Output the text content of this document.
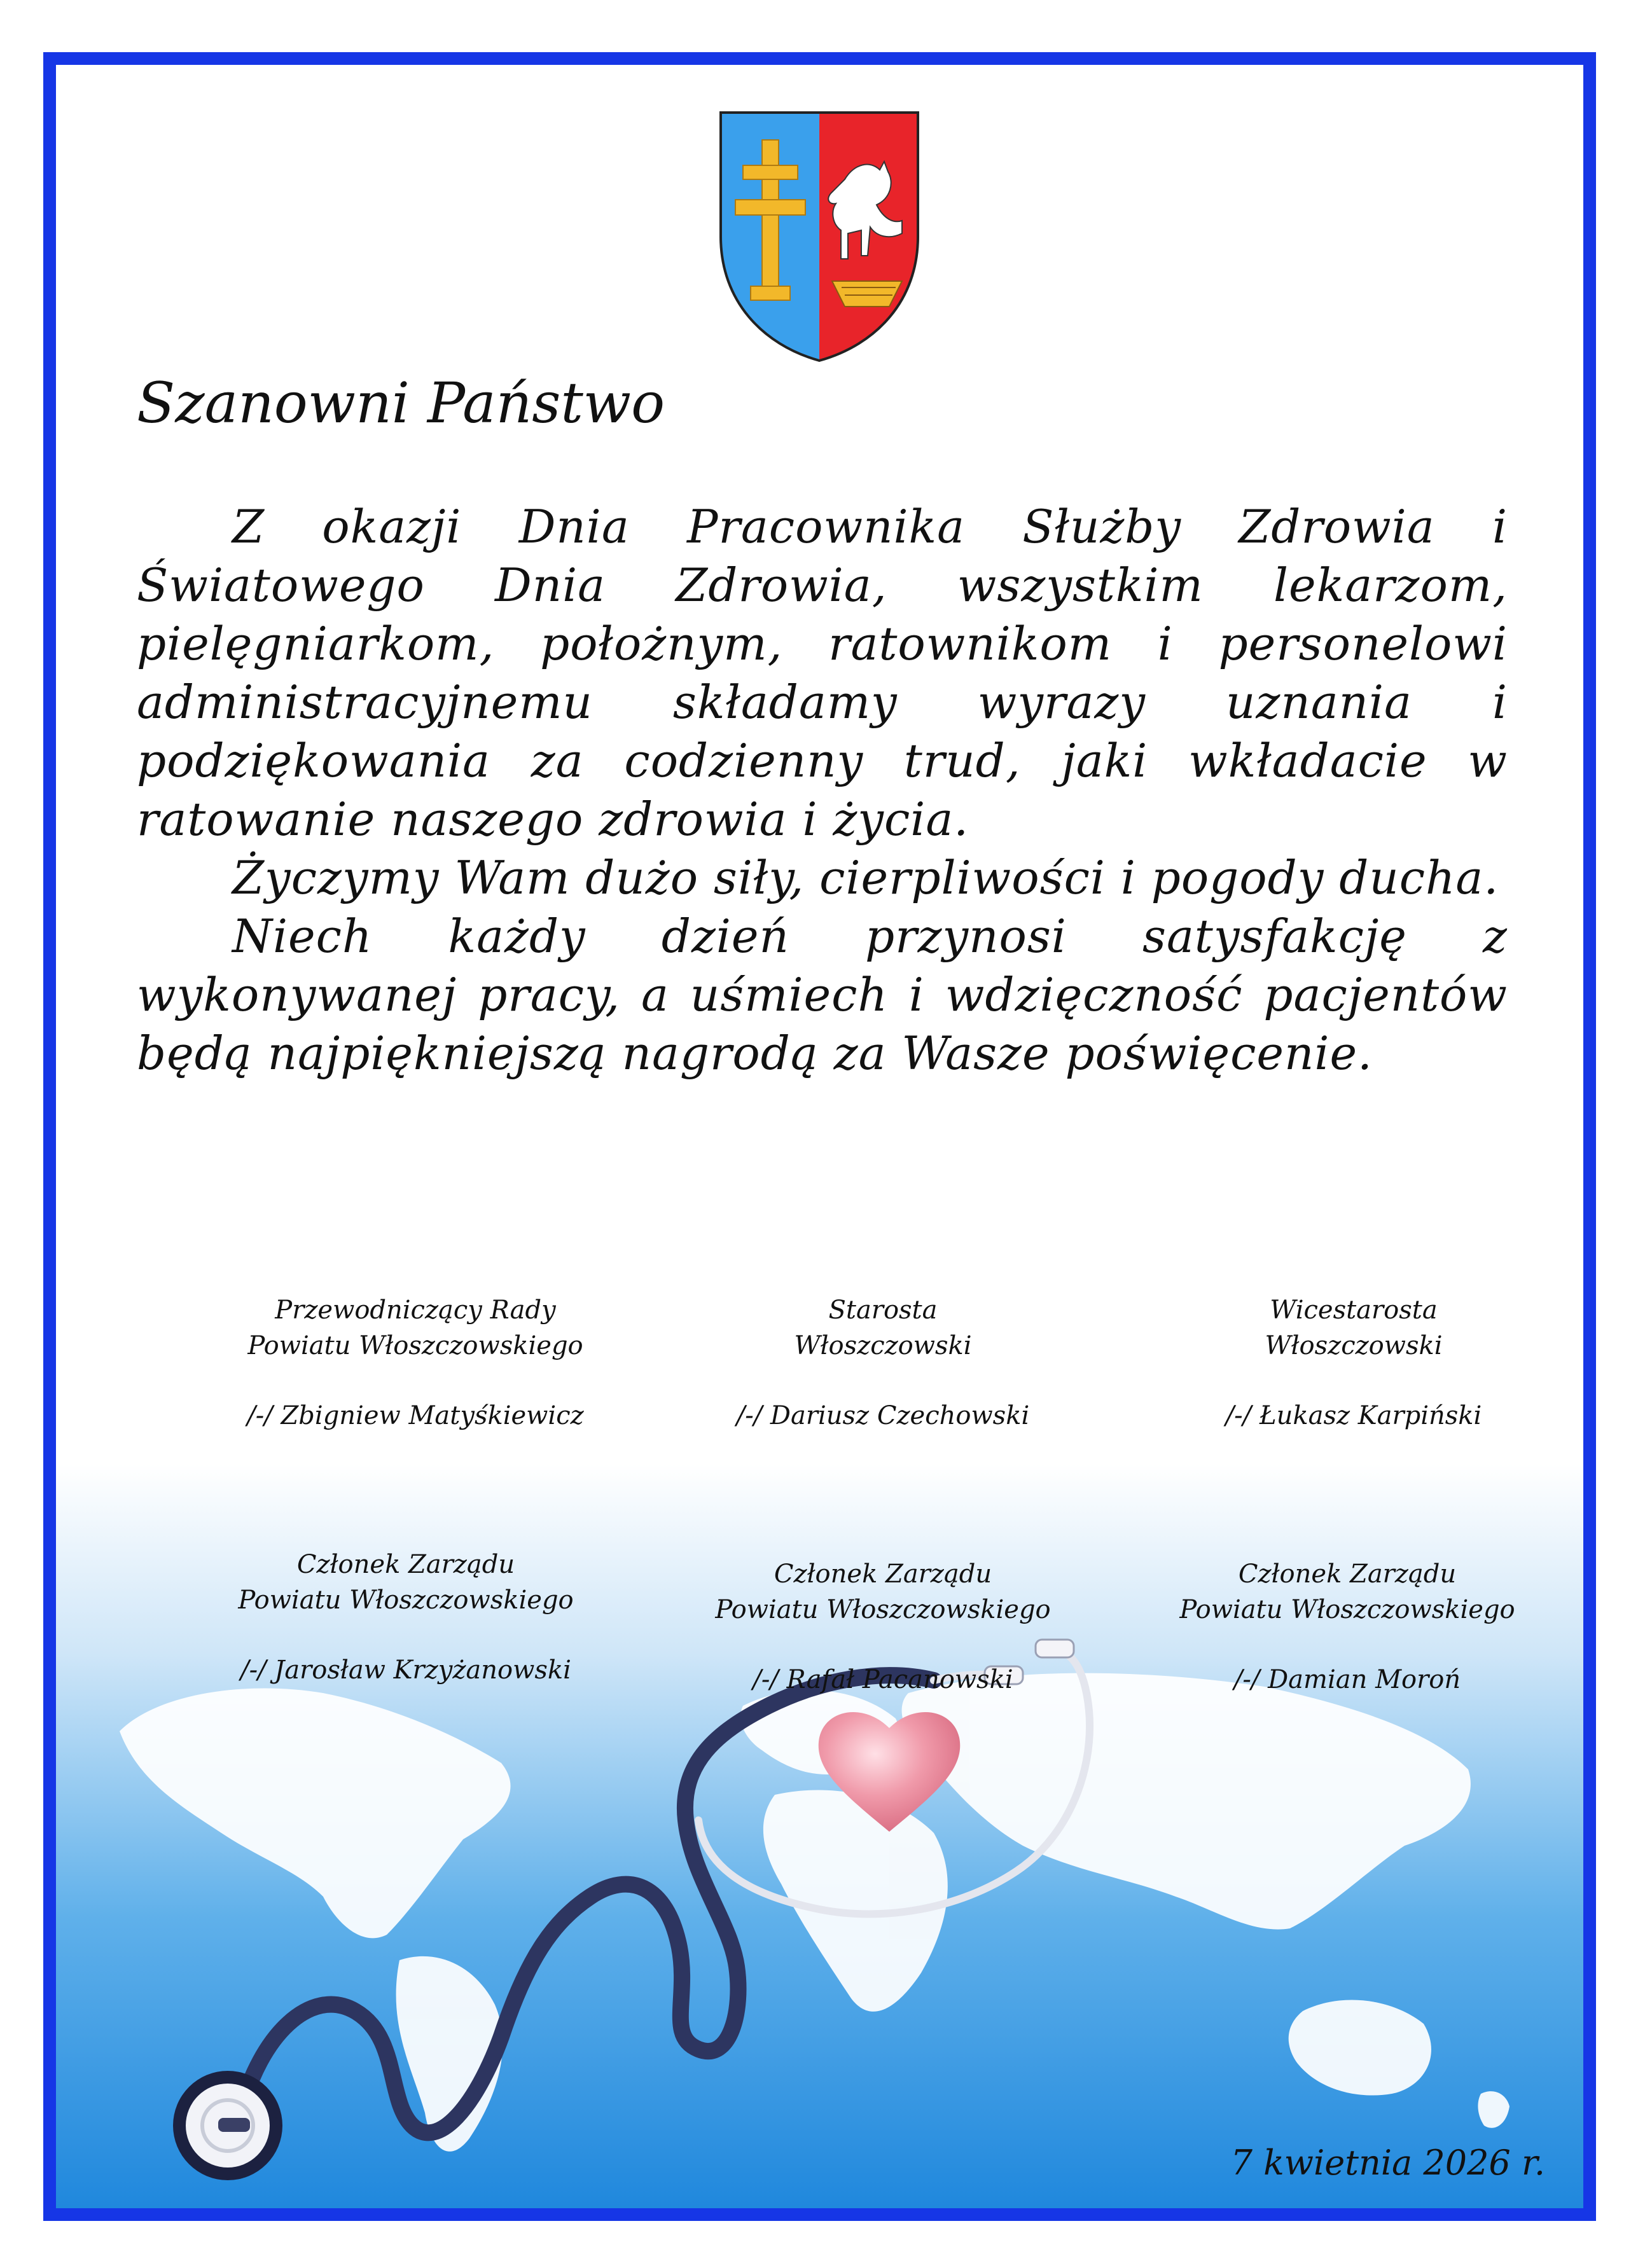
Szanowni Państwo

Z okazji Dnia Pracownika Służby Zdrowia i Światowego Dnia Zdrowia, wszystkim lekarzom, pielęgniarkom, położnym, ratownikom i personelowi administracyjnemu składamy wyrazy uznania i podziękowania za codzienny trud, jaki wkładacie w ratowanie naszego zdrowia i życia.

Życzymy Wam dużo siły, cierpliwości i pogody ducha.

Niech każdy dzień przynosi satysfakcję z wykonywanej pracy, a uśmiech i wdzięczność pacjentów będą najpiękniejszą nagrodą za Wasze poświęcenie.

Przewodniczący Rady
Powiatu Włoszczowskiego
/-/ Zbigniew Matyśkiewicz
Starosta
Włoszczowski
/-/ Dariusz Czechowski
Wicestarosta
Włoszczowski
/-/ Łukasz Karpiński
Członek Zarządu
Powiatu Włoszczowskiego
/-/ Jarosław Krzyżanowski
Członek Zarządu
Powiatu Włoszczowskiego
/-/ Rafał Pacanowski
Członek Zarządu
Powiatu Włoszczowskiego
/-/ Damian Moroń
7 kwietnia 2026 r.
